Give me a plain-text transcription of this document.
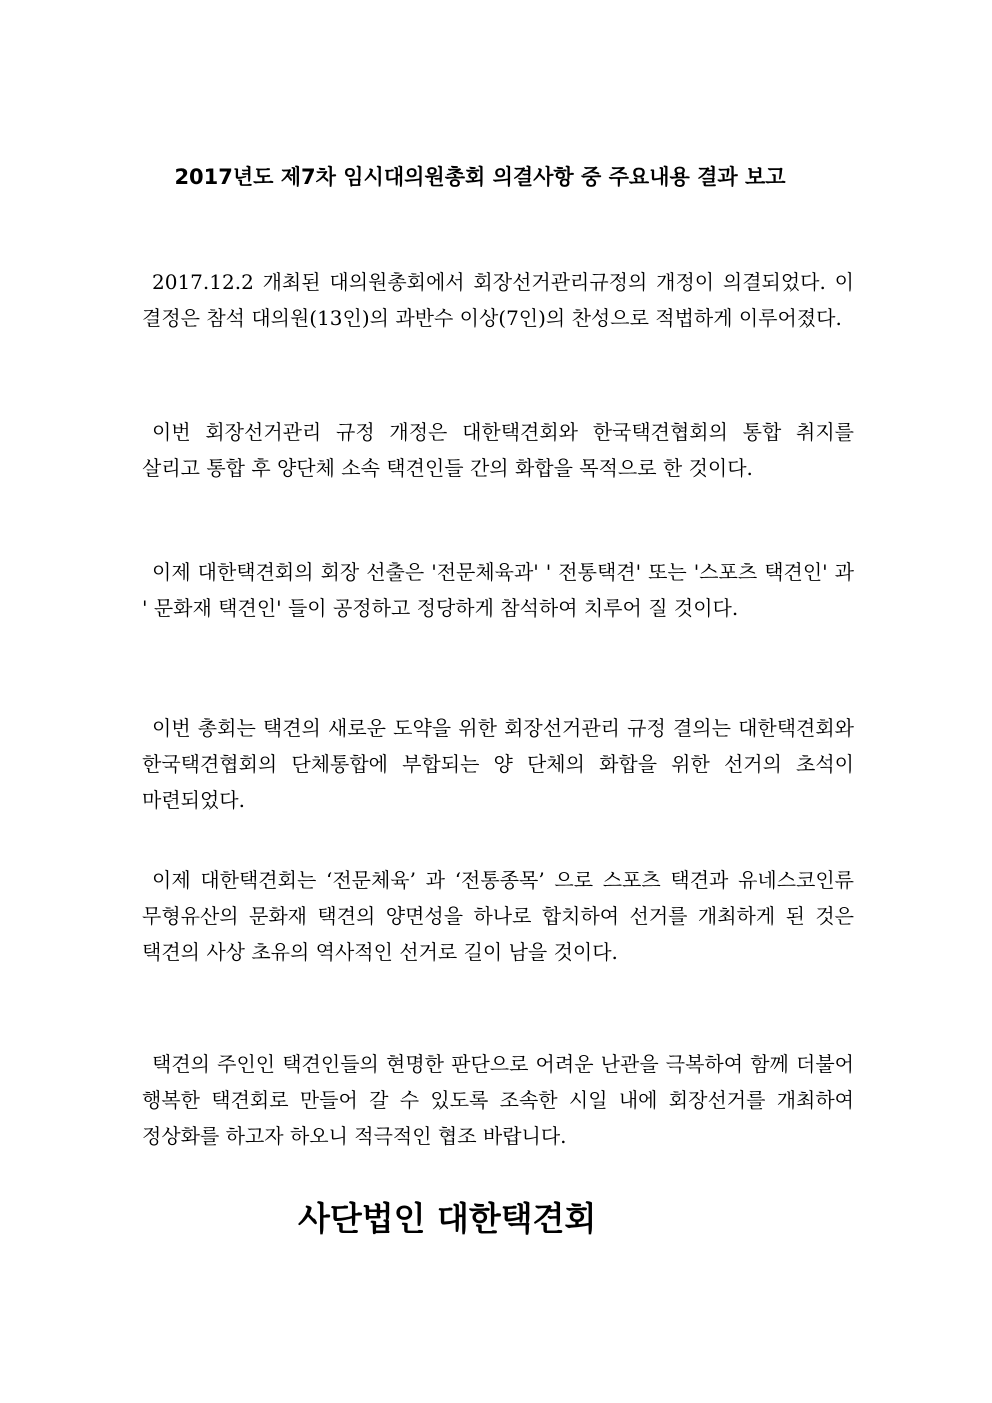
2017년도 제7차 임시대의원총회 의결사항 중 주요내용 결과 보고

2017.12.2 개최된 대의원총회에서 회장선거관리규정의 개정이 의결되었다. 이 결정은 참석 대의원(13인)의 과반수 이상(7인)의 찬성으로 적법하게 이루어졌다.

이번 회장선거관리 규정 개정은 대한택견회와 한국택견협회의 통합 취지를 살리고 통합 후 양단체 소속 택견인들 간의 화합을 목적으로 한 것이다.

이제 대한택견회의 회장 선출은 '전문체육과' ' 전통택견' 또는 '스포츠 택견인' 과 ' 문화재 택견인' 들이 공정하고 정당하게 참석하여 치루어 질 것이다.

이번 총회는 택견의 새로운 도약을 위한 회장선거관리 규정 결의는 대한택견회와 한국택견협회의 단체통합에 부합되는 양 단체의 화합을 위한 선거의 초석이 마련되었다.

이제 대한택견회는 ‘전문체육’ 과 ‘전통종목’ 으로 스포츠 택견과 유네스코인류 무형유산의 문화재 택견의 양면성을 하나로 합치하여 선거를 개최하게 된 것은 택견의 사상 초유의 역사적인 선거로 길이 남을 것이다.

택견의 주인인 택견인들의 현명한 판단으로 어려운 난관을 극복하여 함께 더불어 행복한 택견회로 만들어 갈 수 있도록 조속한 시일 내에 회장선거를 개최하여 정상화를 하고자 하오니 적극적인 협조 바랍니다.

사단법인 대한택견회
